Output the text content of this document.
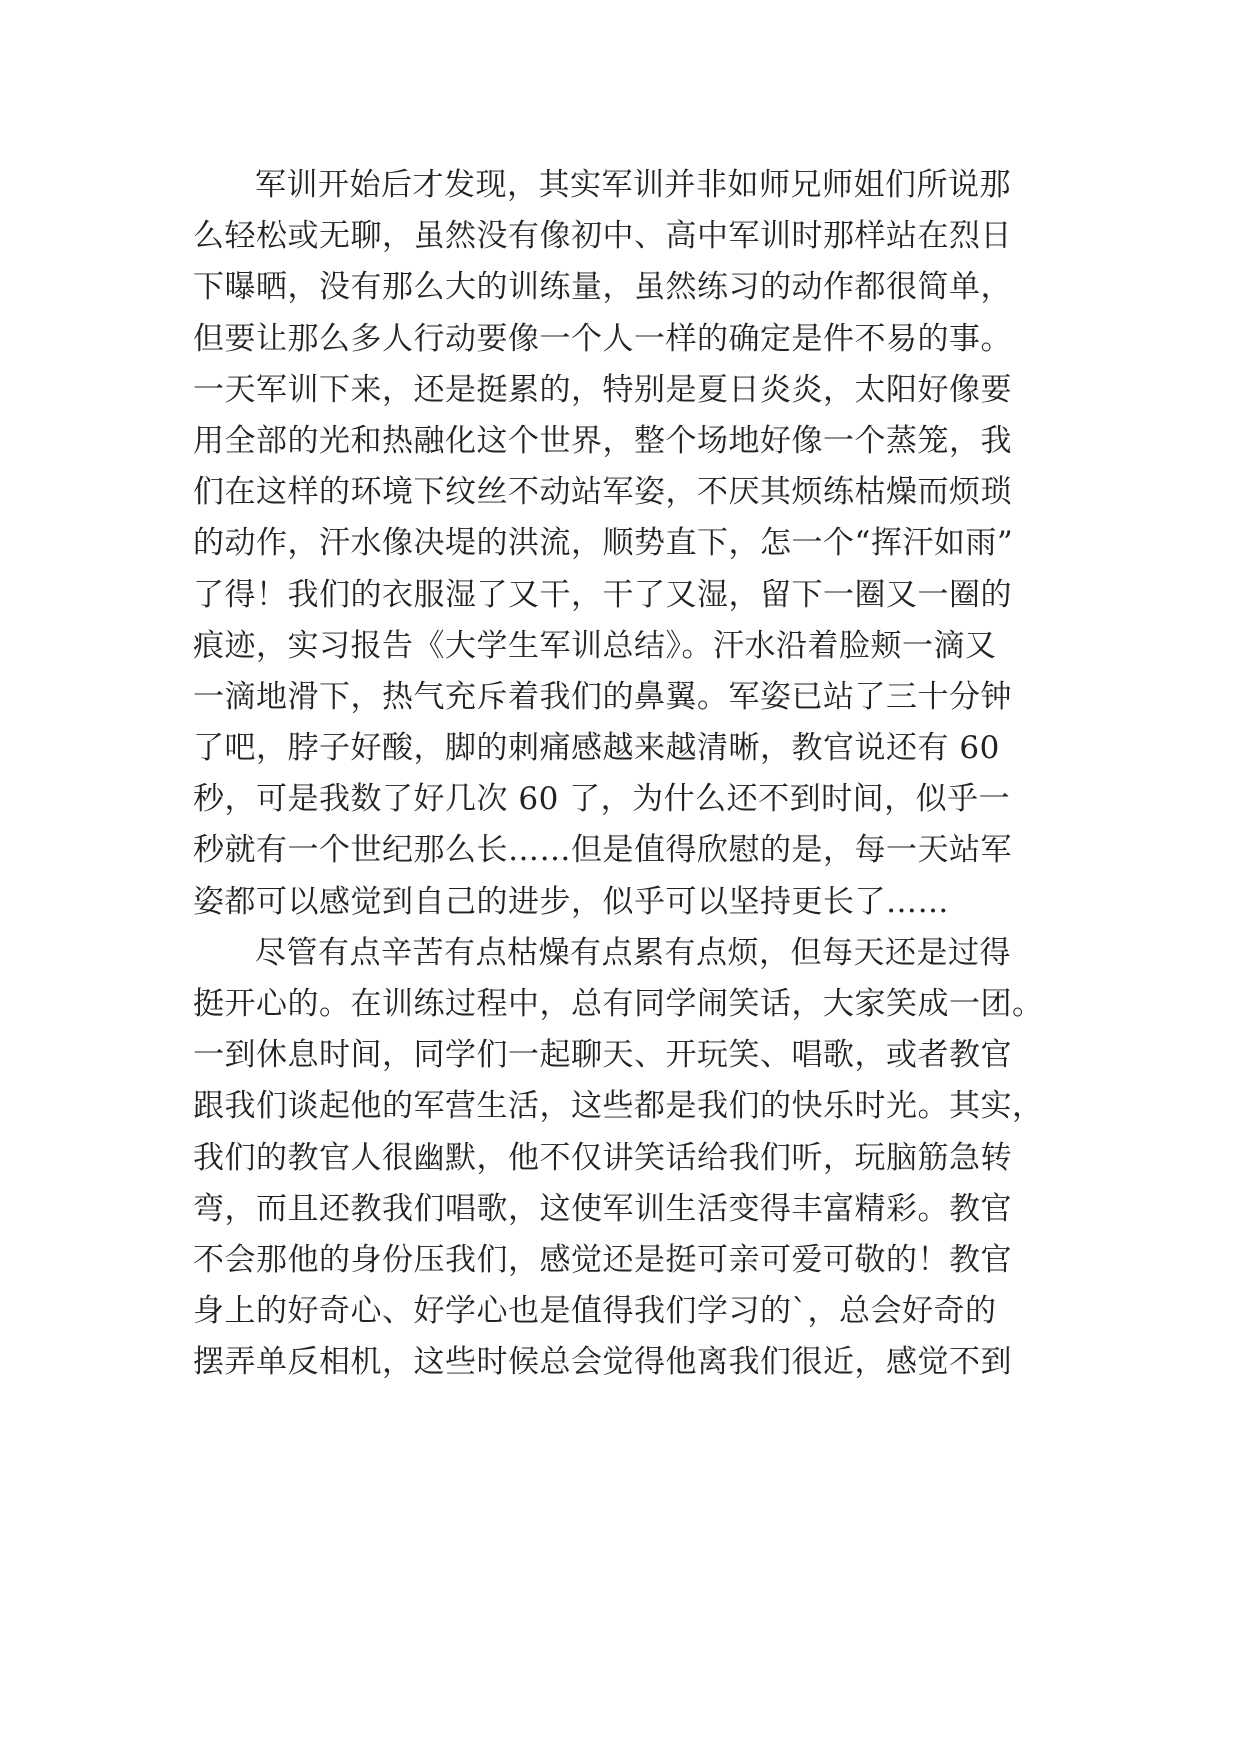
军训开始后才发现，其实军训并非如师兄师姐们所说那
么轻松或无聊，虽然没有像初中、高中军训时那样站在烈日
下曝晒，没有那么大的训练量，虽然练习的动作都很简单，
但要让那么多人行动要像一个人一样的确定是件不易的事。
一天军训下来，还是挺累的，特别是夏日炎炎，太阳好像要
用全部的光和热融化这个世界，整个场地好像一个蒸笼，我
们在这样的环境下纹丝不动站军姿，不厌其烦练枯燥而烦琐
的动作，汗水像决堤的洪流，顺势直下，怎一个“挥汗如雨”
了得！我们的衣服湿了又干，干了又湿，留下一圈又一圈的
痕迹，实习报告《大学生军训总结》。汗水沿着脸颊一滴又
一滴地滑下，热气充斥着我们的鼻翼。军姿已站了三十分钟
了吧，脖子好酸，脚的刺痛感越来越清晰，教官说还有 60
秒，可是我数了好几次 60 了，为什么还不到时间，似乎一
秒就有一个世纪那么长……但是值得欣慰的是，每一天站军
姿都可以感觉到自己的进步，似乎可以坚持更长了……
尽管有点辛苦有点枯燥有点累有点烦，但每天还是过得
挺开心的。在训练过程中，总有同学闹笑话，大家笑成一团。
一到休息时间，同学们一起聊天、开玩笑、唱歌，或者教官
跟我们谈起他的军营生活，这些都是我们的快乐时光。其实，
我们的教官人很幽默，他不仅讲笑话给我们听，玩脑筋急转
弯，而且还教我们唱歌，这使军训生活变得丰富精彩。教官
不会那他的身份压我们，感觉还是挺可亲可爱可敬的！教官
身上的好奇心、好学心也是值得我们学习的`，总会好奇的
摆弄单反相机，这些时候总会觉得他离我们很近，感觉不到
